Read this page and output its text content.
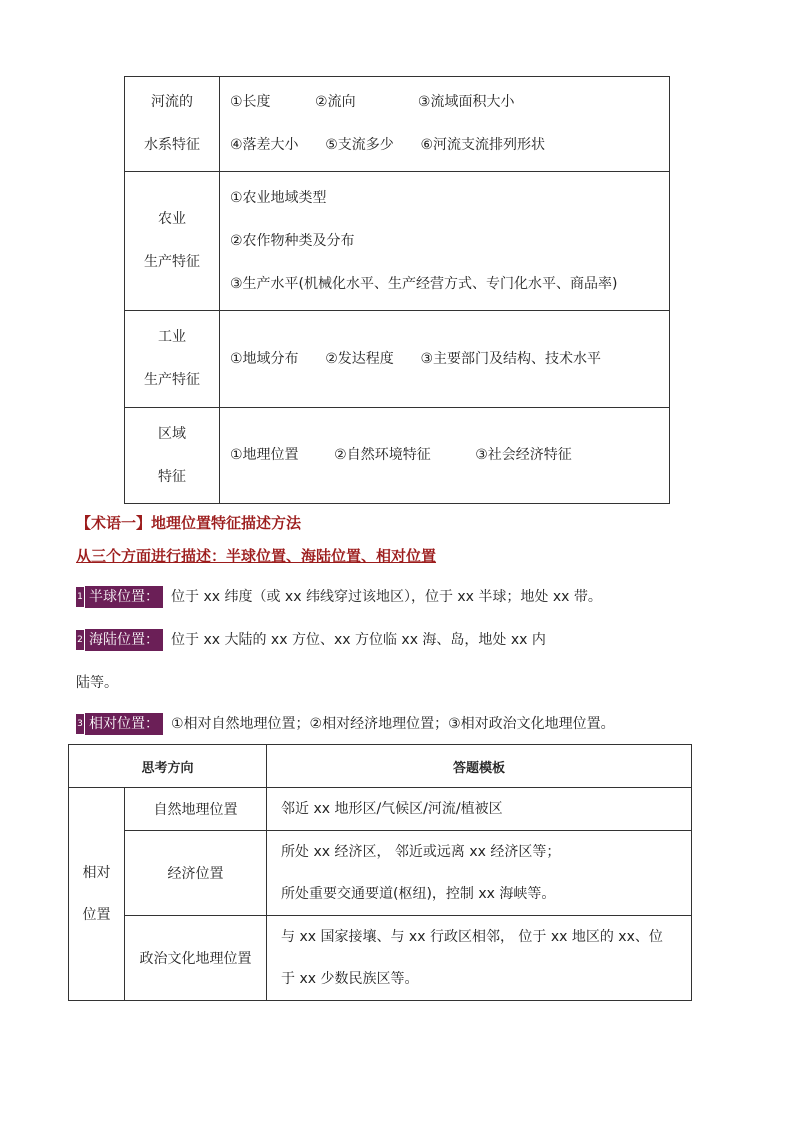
河流的
水系特征	①长度          ②流向              ③流域面积大小
④落差大小      ⑤支流多少      ⑥河流支流排列形状

农业
生产特征	①农业地域类型
②农作物种类及分布
③生产水平(机械化水平、生产经营方式、专门化水平、商品率)

工业
生产特征	①地域分布      ②发达程度      ③主要部门及结构、技术水平

区域
特征	①地理位置        ②自然环境特征          ③社会经济特征
【术语一】地理位置特征描述方法
从三个方面进行描述：半球位置、海陆位置、相对位置
1 半球位置： 位于 xx 纬度（或 xx 纬线穿过该地区），位于 xx 半球；地处 xx 带。
2 海陆位置： 位于 xx 大陆的 xx 方位、xx 方位临 xx 海、岛，地处 xx 内
陆等。
3 相对位置： ①相对自然地理位置；②相对经济地理位置；③相对政治文化地理位置。
思考方向		答题模板

相对
位置	自然地理位置	邻近 xx 地形区/气候区/河流/植被区

	经济位置	所处 xx 经济区， 邻近或远离 xx 经济区等；
所处重要交通要道(枢纽)，控制 xx 海峡等。

	政治文化地理位置	与 xx 国家接壤、与 xx 行政区相邻， 位于 xx 地区的 xx、位
于 xx 少数民族区等。
